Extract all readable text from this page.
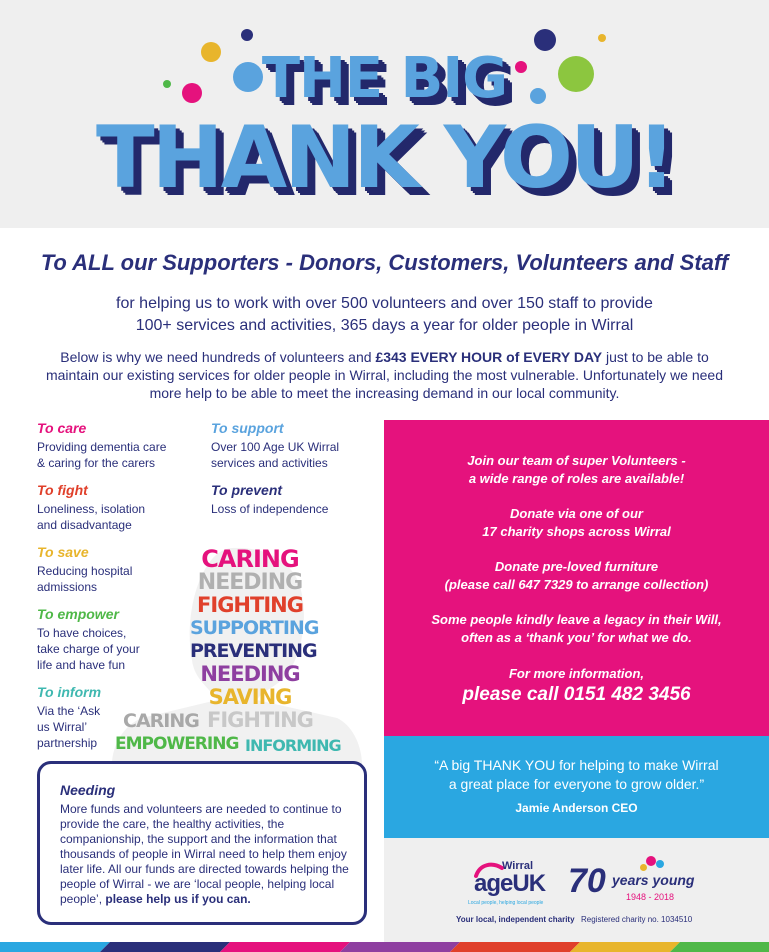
THE BIG
THANK YOU!
To ALL our Supporters - Donors, Customers, Volunteers and Staff
for helping us to work with over 500 volunteers and over 150 staff to provide
100+ services and activities, 365 days a year for older people in Wirral
Below is why we need hundreds of volunteers and £343 EVERY HOUR of EVERY DAY just to be able to maintain our existing services for older people in Wirral, including the most vulnerable. Unfortunately we need more help to be able to meet the increasing demand in our local community.
To care
Providing dementia care & caring for the carers
To support
Over 100 Age UK Wirral services and activities
To fight
Loneliness, isolation and disadvantage
To prevent
Loss of independence
To save
Reducing hospital admissions
To empower
To have choices, take charge of your life and have fun
To inform
Via the ‘Ask us Wirral’ partnership
CARING
NEEDING
FIGHTING
SUPPORTING
PREVENTING
NEEDING
SAVING
CARING FIGHTING
EMPOWERING INFORMING
Needing
More funds and volunteers are needed to continue to provide the care, the healthy activities, the companionship, the support and the information that thousands of people in Wirral need to help them enjoy later life. All our funds are directed towards helping the people of Wirral - we are ‘local people, helping local people’, please help us if you can.
Join our team of super Volunteers -
a wide range of roles are available!
Donate via one of our
17 charity shops across Wirral
Donate pre-loved furniture
(please call 647 7329 to arrange collection)
Some people kindly leave a legacy in their Will,
often as a ‘thank you’ for what we do.
For more information,
please call 0151 482 3456
“A big THANK YOU for helping to make Wirral
a great place for everyone to grow older.”
Jamie Anderson CEO
Wirral
ageUK
Local people, helping local people
70 years young
1948 - 2018
Your local, independent charity Registered charity no. 1034510
